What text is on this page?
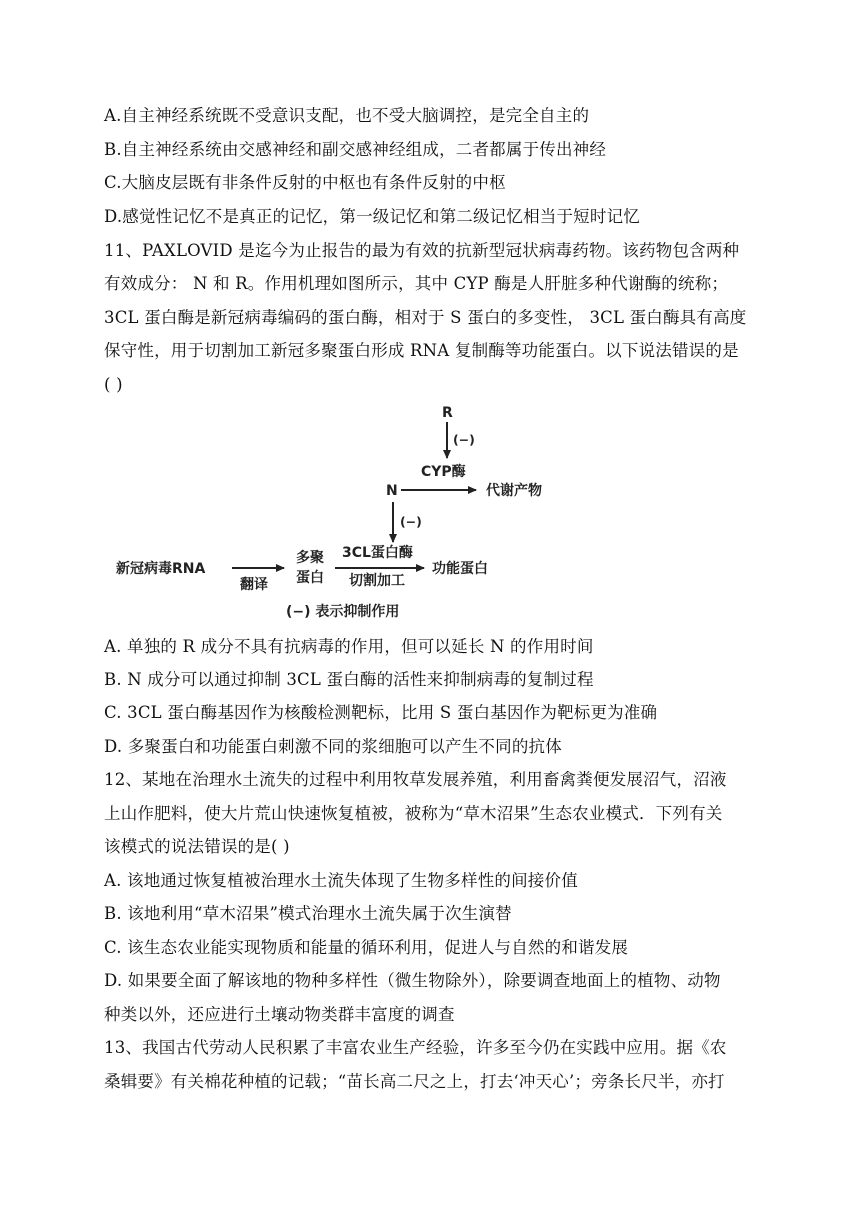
A.自主神经系统既不受意识支配，也不受大脑调控，是完全自主的
B.自主神经系统由交感神经和副交感神经组成，二者都属于传出神经
C.大脑皮层既有非条件反射的中枢也有条件反射的中枢
D.感觉性记忆不是真正的记忆，第一级记忆和第二级记忆相当于短时记忆
11、PAXLOVID 是迄今为止报告的最为有效的抗新型冠状病毒药物。该药物包含两种
有效成分： N 和 R。作用机理如图所示，其中 CYP 酶是人肝脏多种代谢酶的统称；
3CL 蛋白酶是新冠病毒编码的蛋白酶，相对于 S 蛋白的多变性， 3CL 蛋白酶具有高度
保守性，用于切割加工新冠多聚蛋白形成 RNA 复制酶等功能蛋白。以下说法错误的是
( )
R
(−)
CYP酶
N	代谢产物
(−)
新冠病毒RNA
翻译
多聚
蛋白
3CL蛋白酶
切割加工
功能蛋白
(−) 表示抑制作用
A. 单独的 R 成分不具有抗病毒的作用，但可以延长 N 的作用时间
B. N 成分可以通过抑制 3CL 蛋白酶的活性来抑制病毒的复制过程
C. 3CL 蛋白酶基因作为核酸检测靶标，比用 S 蛋白基因作为靶标更为准确
D. 多聚蛋白和功能蛋白刺激不同的浆细胞可以产生不同的抗体
12、某地在治理水土流失的过程中利用牧草发展养殖，利用畜禽粪便发展沼气，沼液
上山作肥料，使大片荒山快速恢复植被，被称为“草木沼果”生态农业模式．下列有关
该模式的说法错误的是( )
A. 该地通过恢复植被治理水土流失体现了生物多样性的间接价值
B. 该地利用“草木沼果”模式治理水土流失属于次生演替
C. 该生态农业能实现物质和能量的循环利用，促进人与自然的和谐发展
D. 如果要全面了解该地的物种多样性（微生物除外），除要调查地面上的植物、动物
种类以外，还应进行土壤动物类群丰富度的调查
13、我国古代劳动人民积累了丰富农业生产经验，许多至今仍在实践中应用。据《农
桑辑要》有关棉花种植的记载；“苗长高二尺之上，打去‘冲天心’；旁条长尺半，亦打
